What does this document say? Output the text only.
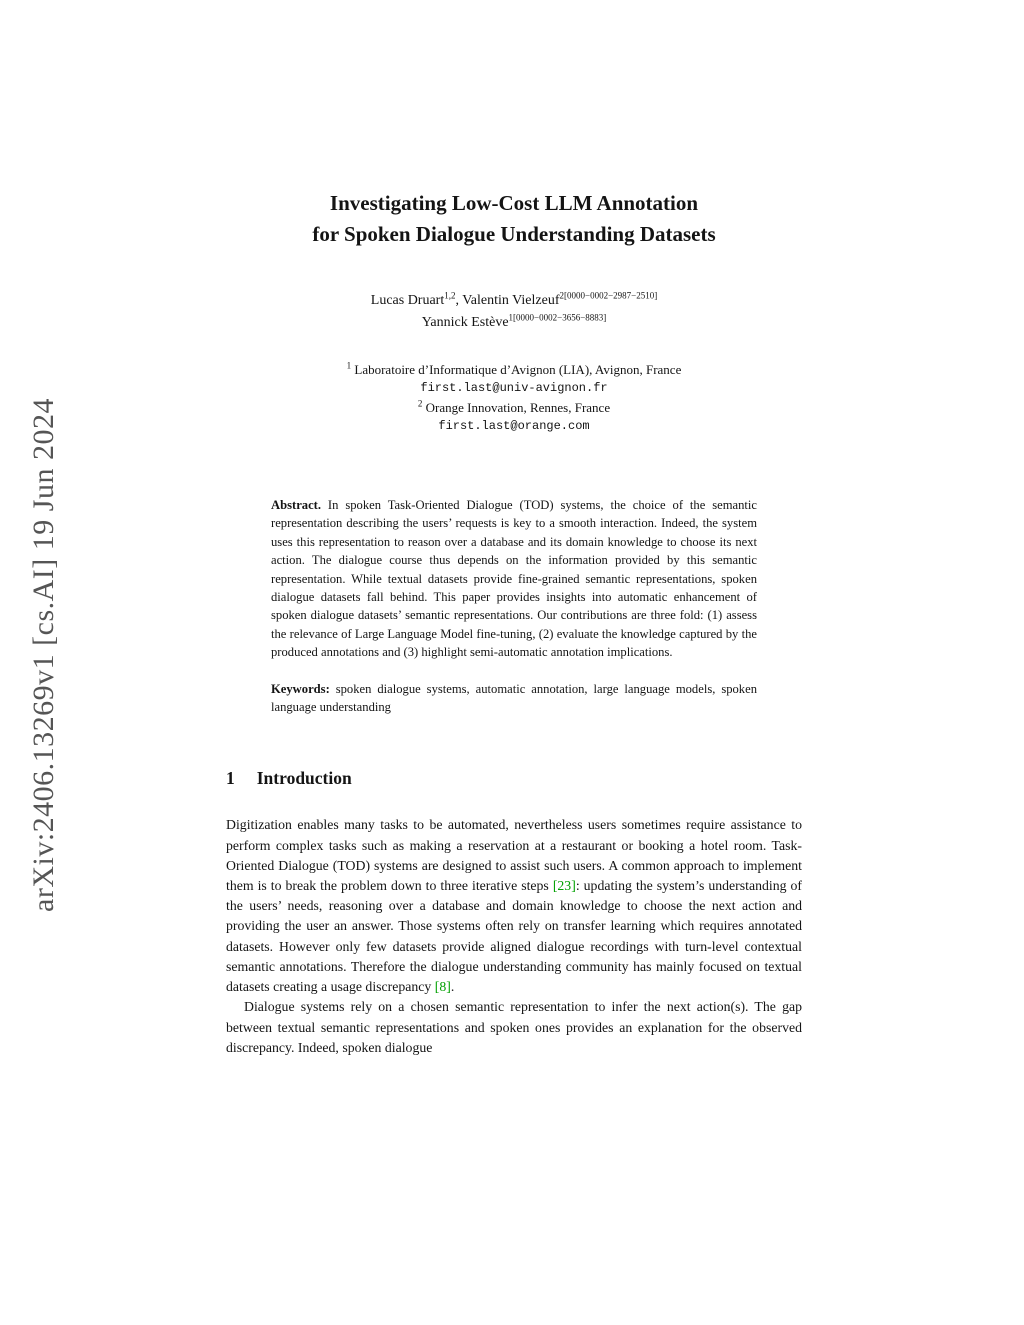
arXiv:2406.13269v1 [cs.AI] 19 Jun 2024
Investigating Low-Cost LLM Annotation
for Spoken Dialogue Understanding Datasets
Lucas Druart$^{1,2}$, Valentin Vielzeuf$^{2[0000-0002-2987-2510]}$
Yannick Estève$^{1[0000-0002-3656-8883]}$
$^1$ Laboratoire d’Informatique d’Avignon (LIA), Avignon, France
first.last@univ-avignon.fr
$^2$ Orange Innovation, Rennes, France
first.last@orange.com
Abstract. In spoken Task-Oriented Dialogue (TOD) systems, the choice of the semantic representation describing the users’ requests is key to a smooth interaction. Indeed, the system uses this representation to reason over a database and its domain knowledge to choose its next action. The dialogue course thus depends on the information provided by this semantic representation. While textual datasets provide fine-grained semantic representations, spoken dialogue datasets fall behind. This paper provides insights into automatic enhancement of spoken dialogue datasets’ semantic representations. Our contributions are three fold: (1) assess the relevance of Large Language Model fine-tuning, (2) evaluate the knowledge captured by the produced annotations and (3) highlight semi-automatic annotation implications.
Keywords: spoken dialogue systems, automatic annotation, large language models, spoken language understanding
1 Introduction

Digitization enables many tasks to be automated, nevertheless users sometimes require assistance to perform complex tasks such as making a reservation at a restaurant or booking a hotel room. Task-Oriented Dialogue (TOD) systems are designed to assist such users. A common approach to implement them is to break the problem down to three iterative steps [23]: updating the system’s understanding of the users’ needs, reasoning over a database and domain knowledge to choose the next action and providing the user an answer. Those systems often rely on transfer learning which requires annotated datasets. However only few datasets provide aligned dialogue recordings with turn-level contextual semantic annotations. Therefore the dialogue understanding community has mainly focused on textual datasets creating a usage discrepancy [8].

Dialogue systems rely on a chosen semantic representation to infer the next action(s). The gap between textual semantic representations and spoken ones provides an explanation for the observed discrepancy. Indeed, spoken dialogue
